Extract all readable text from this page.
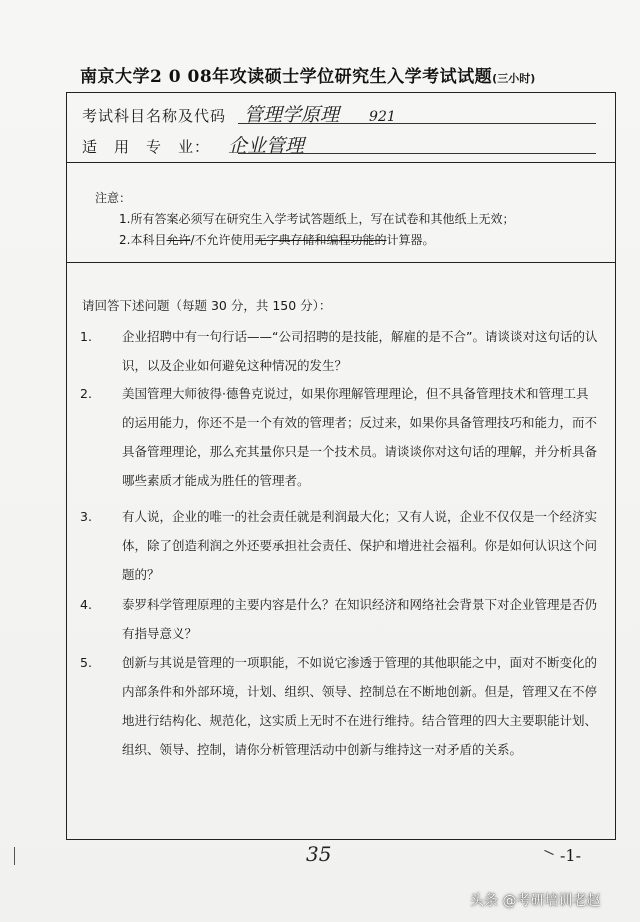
南京大学2 0 08年攻读硕士学位研究生入学考试试题(三小时)
考试科目名称及代码 管理学原理 921
适　用　专　业： 企业管理
注意：
1.所有答案必须写在研究生入学考试答题纸上，写在试卷和其他纸上无效；
2.本科目允许/不允许使用无字典存储和编程功能的计算器。
请回答下述问题（每题 30 分，共 150 分）：
1.	企业招聘中有一句行话——“公司招聘的是技能，解雇的是不合”。请谈谈对这句话的认识，以及企业如何避免这种情况的发生？
2.	美国管理大师彼得·德鲁克说过，如果你理解管理理论，但不具备管理技术和管理工具的运用能力，你还不是一个有效的管理者；反过来，如果你具备管理技巧和能力，而不具备管理理论，那么充其量你只是一个技术员。请谈谈你对这句话的理解，并分析具备哪些素质才能成为胜任的管理者。
3.	有人说，企业的唯一的社会责任就是利润最大化；又有人说，企业不仅仅是一个经济实体，除了创造利润之外还要承担社会责任、保护和增进社会福利。你是如何认识这个问题的？
4.	泰罗科学管理原理的主要内容是什么？在知识经济和网络社会背景下对企业管理是否仍有指导意义？
5.	创新与其说是管理的一项职能，不如说它渗透于管理的其他职能之中，面对不断变化的内部条件和外部环境，计划、组织、领导、控制总在不断地创新。但是，管理又在不停地进行结构化、规范化，这实质上无时不在进行维持。结合管理的四大主要职能计划、组织、领导、控制，请你分析管理活动中创新与维持这一对矛盾的关系。
35	-1-
头条 @考研培训老赵
